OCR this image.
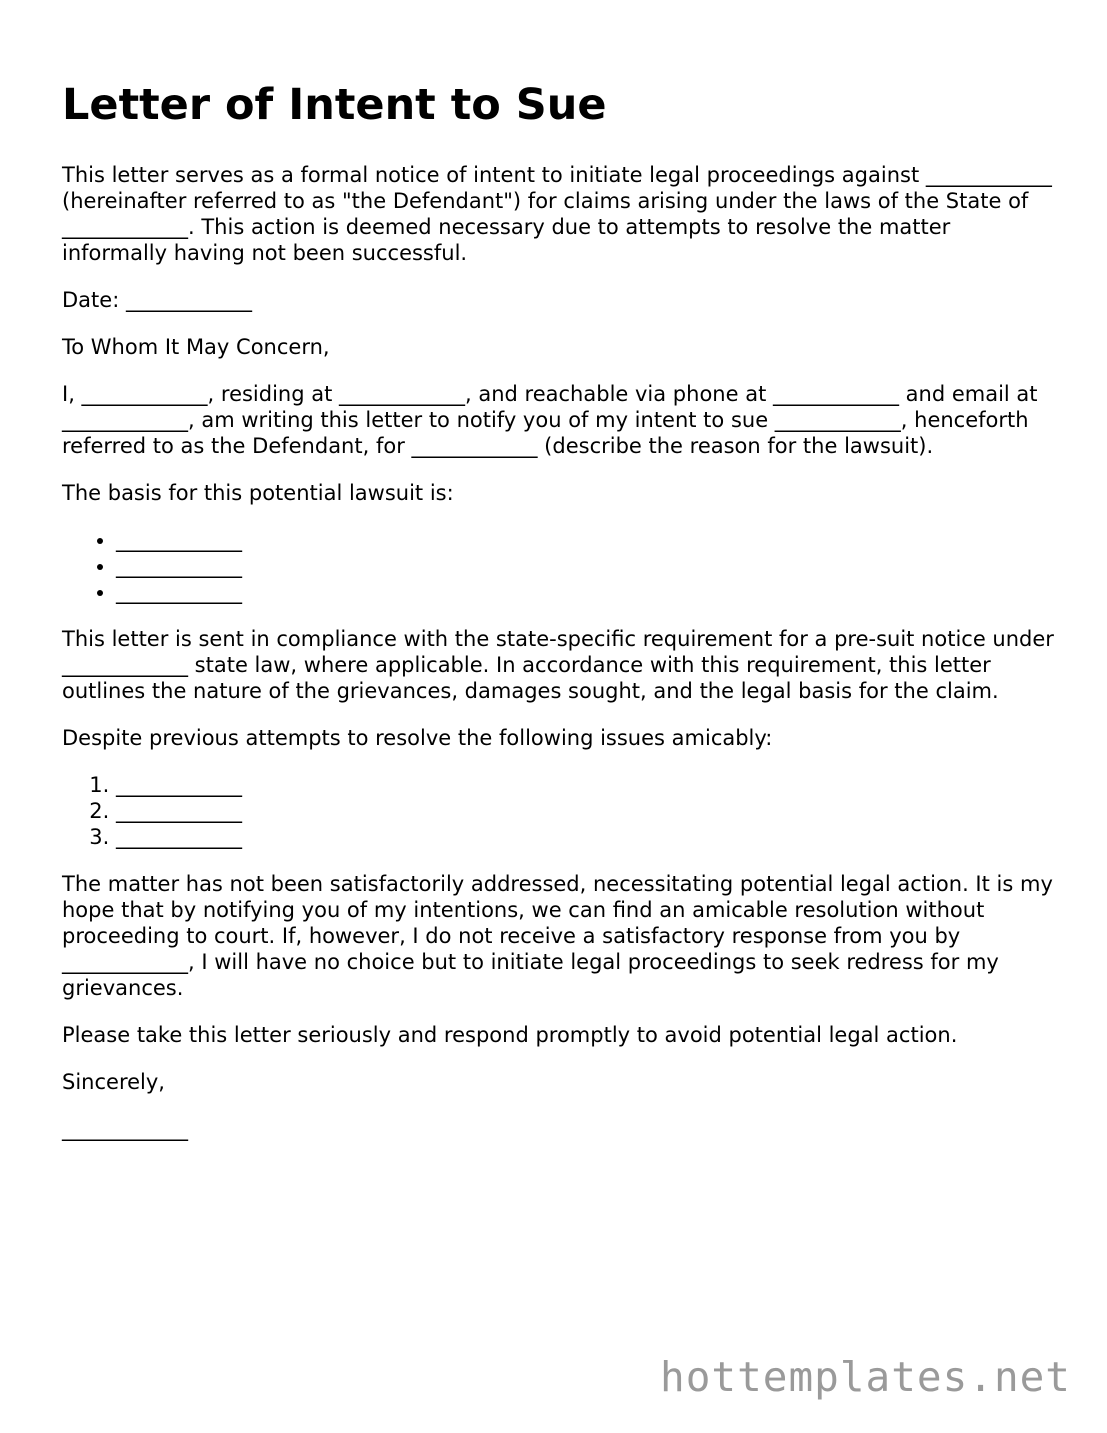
Letter of Intent to Sue

This letter serves as a formal notice of intent to initiate legal proceedings against ____________ (hereinafter referred to as "the Defendant") for claims arising under the laws of the State of ____________. This action is deemed necessary due to attempts to resolve the matter informally having not been successful.

Date: ____________

To Whom It May Concern,

I, ____________, residing at ____________, and reachable via phone at ____________ and email at ____________, am writing this letter to notify you of my intent to sue ____________, henceforth referred to as the Defendant, for ____________ (describe the reason for the lawsuit).

The basis for this potential lawsuit is:

• ____________
• ____________
• ____________

This letter is sent in compliance with the state-specific requirement for a pre-suit notice under ____________ state law, where applicable. In accordance with this requirement, this letter outlines the nature of the grievances, damages sought, and the legal basis for the claim.

Despite previous attempts to resolve the following issues amicably:

1. ____________
2. ____________
3. ____________

The matter has not been satisfactorily addressed, necessitating potential legal action. It is my hope that by notifying you of my intentions, we can find an amicable resolution without proceeding to court. If, however, I do not receive a satisfactory response from you by ____________, I will have no choice but to initiate legal proceedings to seek redress for my grievances.

Please take this letter seriously and respond promptly to avoid potential legal action.

Sincerely,

____________

hottemplates.net
